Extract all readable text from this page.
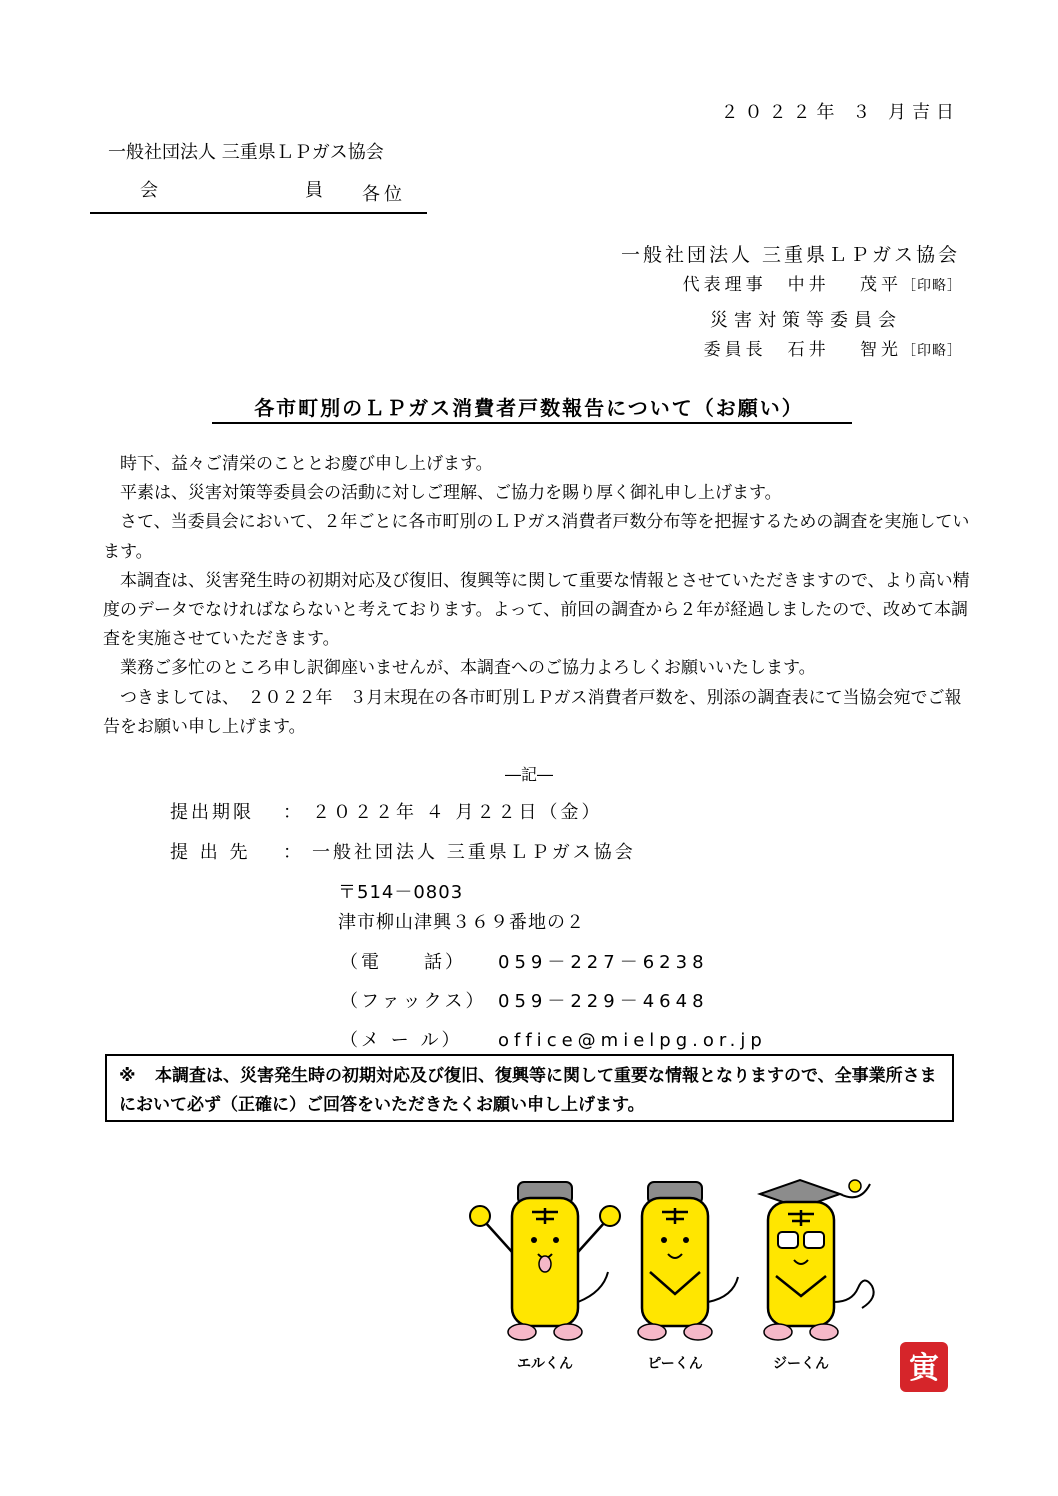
２０２２年 ３ 月吉日
一般社団法人 三重県ＬＰガス協会
会	員 各位
一般社団法人 三重県ＬＰガス協会
代表理事　中井　 茂平［印略］
災害対策等委員会
委員長　石井　 智光［印略］
各市町別のＬＰガス消費者戸数報告について（お願い）

　時下、益々ご清栄のこととお慶び申し上げます。

　平素は、災害対策等委員会の活動に対しご理解、ご協力を賜り厚く御礼申し上げます。

　さて、当委員会において、２年ごとに各市町別のＬＰガス消費者戸数分布等を把握するための調査を実施しています。

　本調査は、災害発生時の初期対応及び復旧、復興等に関して重要な情報とさせていただきますので、より高い精度のデータでなければならないと考えております。よって、前回の調査から２年が経過しましたので、改めて本調査を実施させていただきます。

　業務ご多忙のところ申し訳御座いませんが、本調査へのご協力よろしくお願いいたします。

　つきましては、　２０２２年　３月末現在の各市町別ＬＰガス消費者戸数を、別添の調査表にて当協会宛でご報告をお願い申し上げます。

―記―
提出期限 ： ２０２２年 ４ 月２２日（金）
提 出 先 ： 一般社団法人 三重県ＬＰガス協会
〒514－0803
津市柳山津興３６９番地の２
（電　　話） 059－227－6238
（ファックス） 059－229－4648
（メ ー ル） office@mielpg.or.jp
※ 本調査は、災害発生時の初期対応及び復旧、復興等に関して重要な情報となりますので、全事業所さまにおいて必ず（正確に）ご回答をいただきたくお願い申し上げます。
エルくん	ピーくん	ジーくん	寅
